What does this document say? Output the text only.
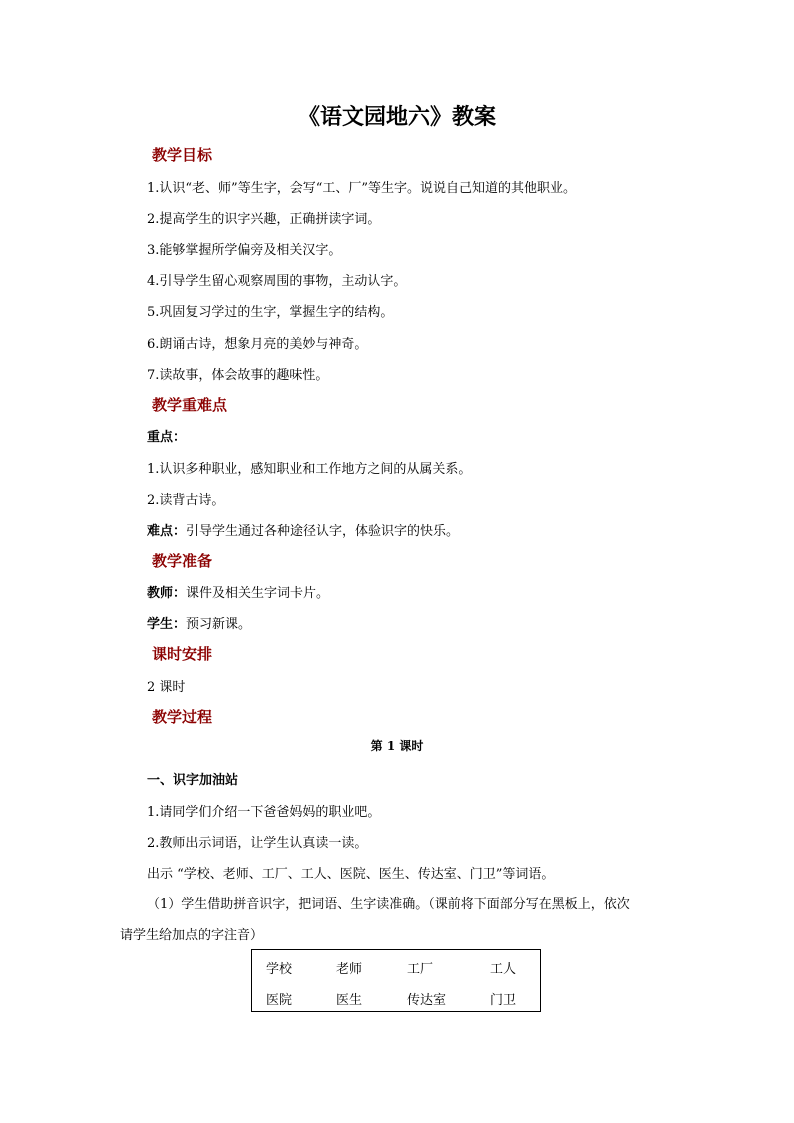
《语文园地六》教案
教学目标
1.认识“老、师”等生字，会写“工、厂”等生字。说说自己知道的其他职业。
2.提高学生的识字兴趣，正确拼读字词。
3.能够掌握所学偏旁及相关汉字。
4.引导学生留心观察周围的事物，主动认字。
5.巩固复习学过的生字，掌握生字的结构。
6.朗诵古诗，想象月亮的美妙与神奇。
7.读故事，体会故事的趣味性。
教学重难点
重点：
1.认识多种职业，感知职业和工作地方之间的从属关系。
2.读背古诗。
难点：引导学生通过各种途径认字，体验识字的快乐。
教学准备
教师：课件及相关生字词卡片。
学生：预习新课。
课时安排
2 课时
教学过程
第 1 课时
一、识字加油站
1.请同学们介绍一下爸爸妈妈的职业吧。
2.教师出示词语，让学生认真读一读。
出示 “学校、老师、工厂、工人、医院、医生、传达室、门卫”等词语。
（1）学生借助拼音识字，把词语、生字读准确。（课前将下面部分写在黑板上，依次
请学生给加点的字注音）
学校	老师	工厂	工人
医院	医生	传达室	门卫
